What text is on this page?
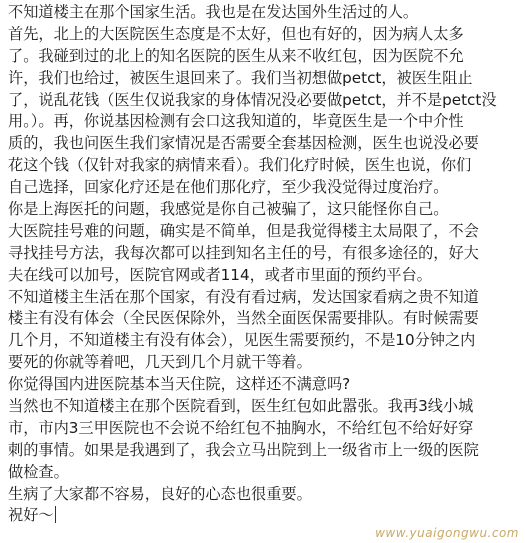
不知道楼主在那个国家生活。我也是在发达国外生活过的人。
首先，北上的大医院医生态度是不太好，但也有好的，因为病人太多
了。我碰到过的北上的知名医院的医生从来不收红包，因为医院不允
许，我们也给过，被医生退回来了。我们当初想做petct，被医生阻止
了，说乱花钱（医生仅说我家的身体情况没必要做petct，并不是petct没
用。）。再，你说基因检测有会口这我知道的，毕竟医生是一个中介性
质的，我也问医生我们家情况是否需要全套基因检测，医生也说没必要
花这个钱（仅针对我家的病情来看）。我们化疗时候，医生也说，你们
自己选择，回家化疗还是在他们那化疗，至少我没觉得过度治疗。
你是上海医托的问题，我感觉是你自己被骗了，这只能怪你自己。
大医院挂号难的问题，确实是不简单，但是我觉得楼主太局限了，不会
寻找挂号方法，我每次都可以挂到知名主任的号，有很多途径的，好大
夫在线可以加号，医院官网或者114，或者市里面的预约平台。
不知道楼主生活在那个国家，有没有看过病，发达国家看病之贵不知道
楼主有没有体会（全民医保除外，当然全面医保需要排队。有时候需要
几个月，不知道楼主有没有体会），见医生需要预约，不是10分钟之内
要死的你就等着吧，几天到几个月就干等着。
你觉得国内进医院基本当天住院，这样还不满意吗?
当然也不知道楼主在那个医院看到，医生红包如此嚣张。我再3线小城
市，市内3三甲医院也不会说不给红包不抽胸水，不给红包不给好好穿
刺的事情。如果是我遇到了，我会立马出院到上一级省市上一级的医院
做检查。
生病了大家都不容易，良好的心态也很重要。
祝好～
www.yuaigongwu.com
